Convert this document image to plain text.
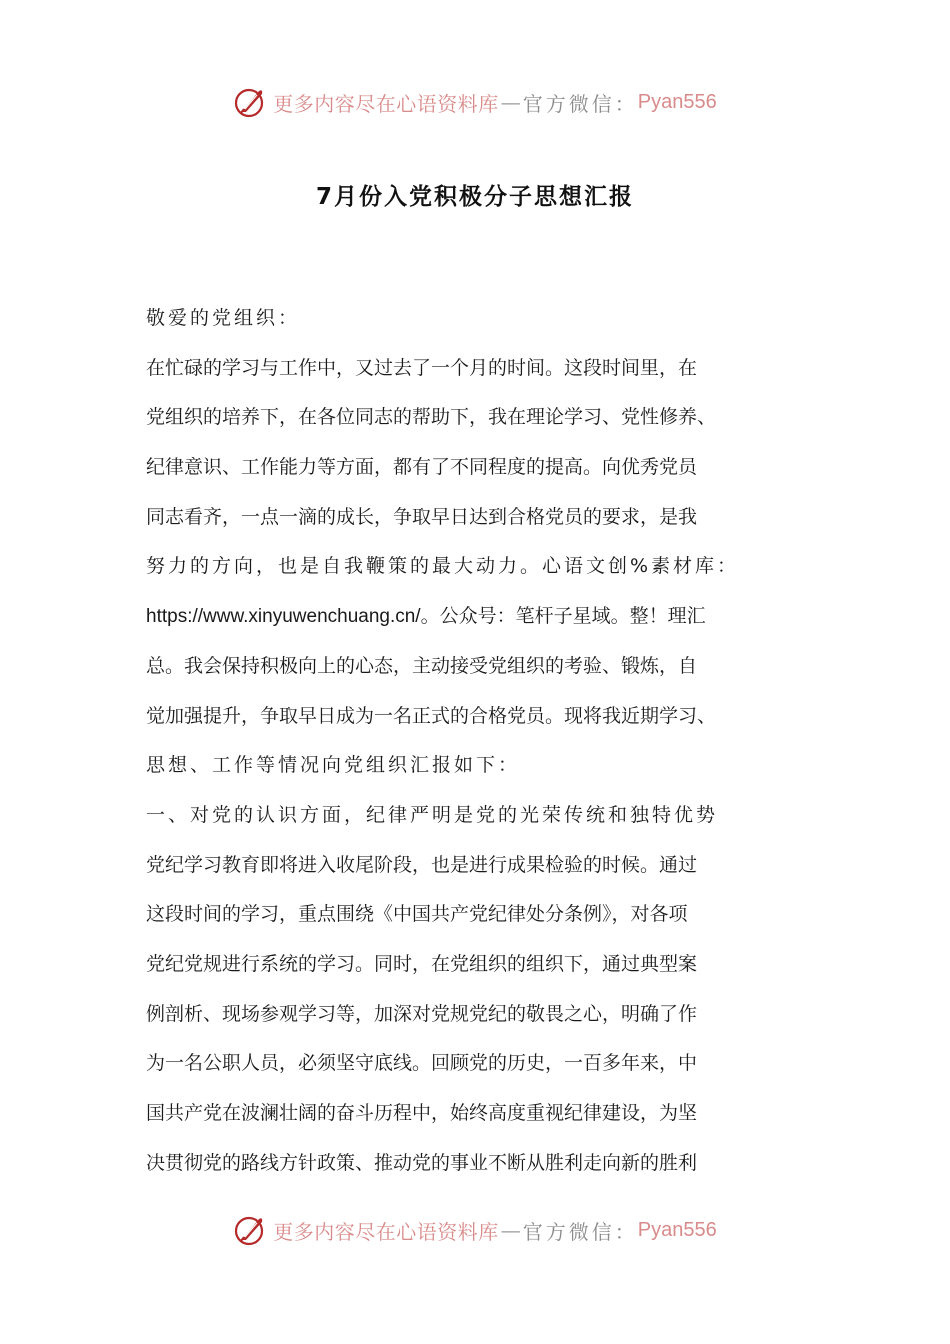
更多内容尽在心语资料库 — 官方微信： Pyan556
7月份入党积极分子思想汇报
敬爱的党组织：
在忙碌的学习与工作中，又过去了一个月的时间。这段时间里，在
党组织的培养下，在各位同志的帮助下，我在理论学习、党性修养、
纪律意识、工作能力等方面，都有了不同程度的提高。向优秀党员
同志看齐，一点一滴的成长，争取早日达到合格党员的要求，是我
努力的方向，也是自我鞭策的最大动力。心语文创%素材库：
https://www.xinyuwenchuang.cn/。公众号：笔杆子星域。整！理汇
总。我会保持积极向上的心态，主动接受党组织的考验、锻炼，自
觉加强提升，争取早日成为一名正式的合格党员。现将我近期学习、
思想、工作等情况向党组织汇报如下：
一、对党的认识方面，纪律严明是党的光荣传统和独特优势
党纪学习教育即将进入收尾阶段，也是进行成果检验的时候。通过
这段时间的学习，重点围绕《中国共产党纪律处分条例》，对各项
党纪党规进行系统的学习。同时，在党组织的组织下，通过典型案
例剖析、现场参观学习等，加深对党规党纪的敬畏之心，明确了作
为一名公职人员，必须坚守底线。回顾党的历史，一百多年来，中
国共产党在波澜壮阔的奋斗历程中，始终高度重视纪律建设，为坚
决贯彻党的路线方针政策、推动党的事业不断从胜利走向新的胜利
更多内容尽在心语资料库 — 官方微信： Pyan556
